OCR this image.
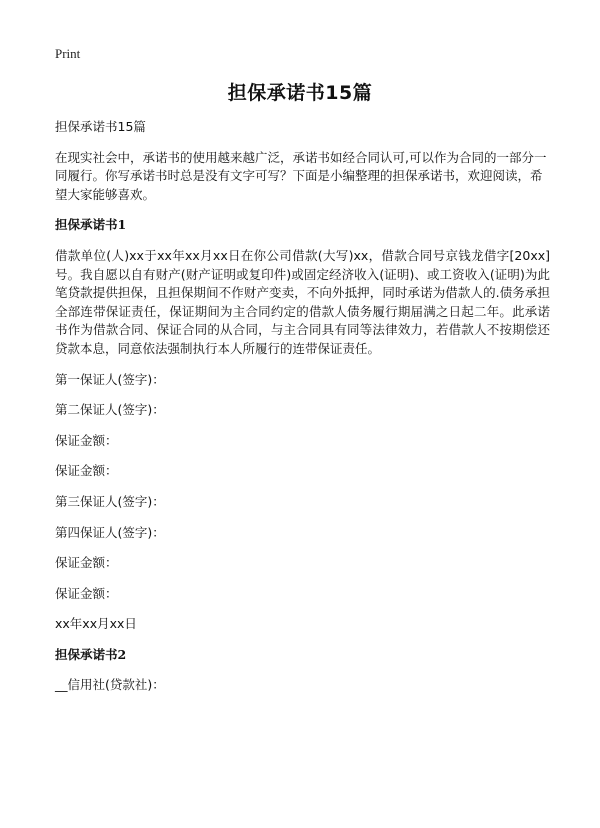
Print
担保承诺书15篇

担保承诺书15篇

在现实社会中，承诺书的使用越来越广泛，承诺书如经合同认可,可以作为合同的一部分一同履行。你写承诺书时总是没有文字可写？下面是小编整理的担保承诺书，欢迎阅读，希望大家能够喜欢。

担保承诺书1

借款单位(人)xx于xx年xx月xx日在你公司借款(大写)xx，借款合同号京钱龙借字[20xx]号。我自愿以自有财产(财产证明或复印件)或固定经济收入(证明)、或工资收入(证明)为此笔贷款提供担保，且担保期间不作财产变卖，不向外抵押，同时承诺为借款人的.债务承担全部连带保证责任，保证期间为主合同约定的借款人债务履行期届满之日起二年。此承诺书作为借款合同、保证合同的从合同，与主合同具有同等法律效力，若借款人不按期偿还贷款本息，同意依法强制执行本人所履行的连带保证责任。

第一保证人(签字)：

第二保证人(签字)：

保证金额：

保证金额：

第三保证人(签字)：

第四保证人(签字)：

保证金额：

保证金额：

xx年xx月xx日

担保承诺书2

__信用社(贷款社)：
